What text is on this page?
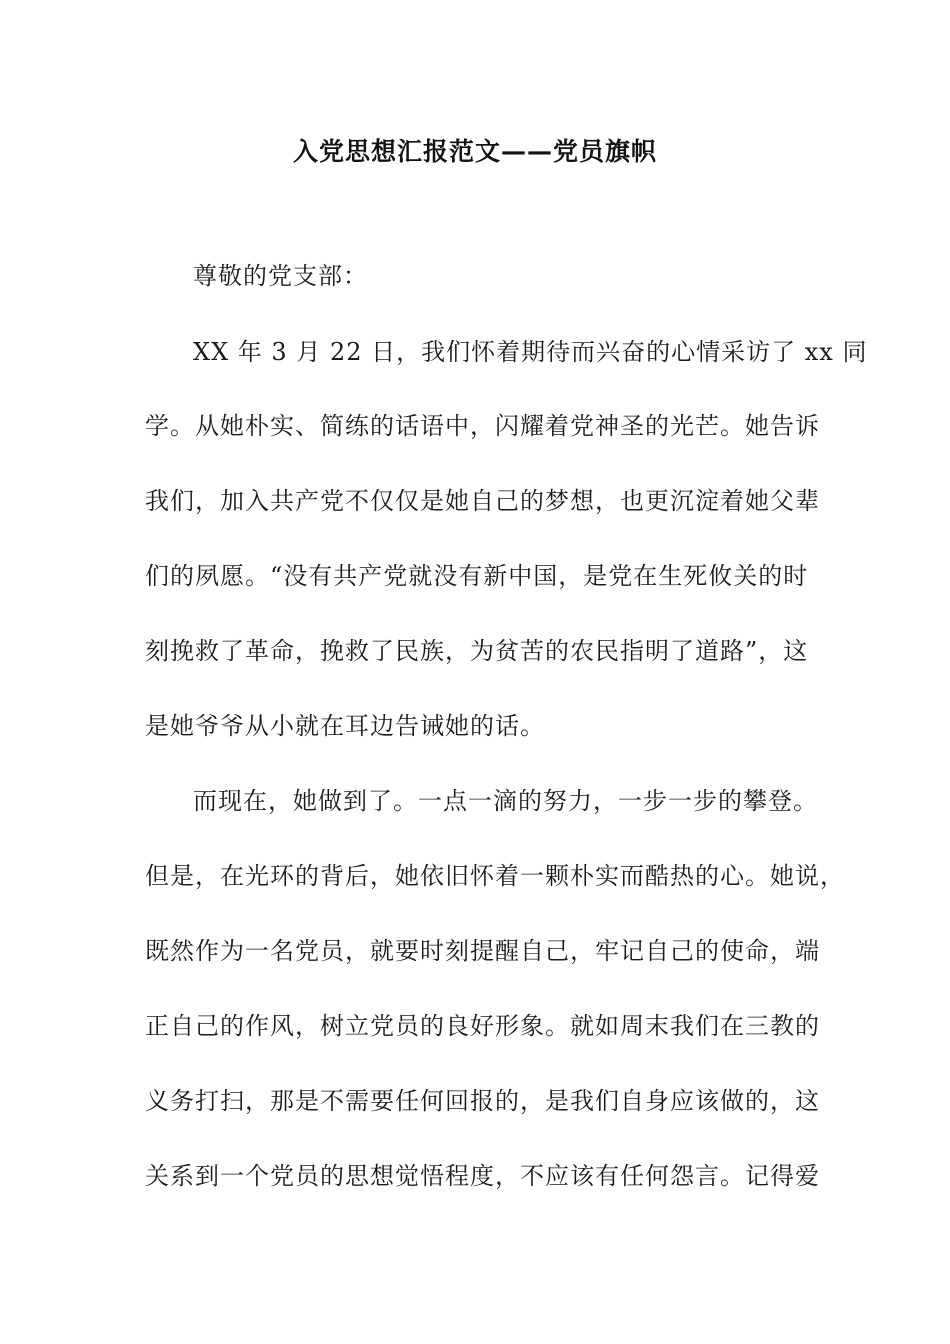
入党思想汇报范文——党员旗帜
尊敬的党支部：
XX 年 3 月 22 日，我们怀着期待而兴奋的心情采访了 xx 同
学。从她朴实、简练的话语中，闪耀着党神圣的光芒。她告诉
我们，加入共产党不仅仅是她自己的梦想，也更沉淀着她父辈
们的夙愿。“没有共产党就没有新中国，是党在生死攸关的时
刻挽救了革命，挽救了民族，为贫苦的农民指明了道路”，这
是她爷爷从小就在耳边告诫她的话。
而现在，她做到了。一点一滴的努力，一步一步的攀登。
但是，在光环的背后，她依旧怀着一颗朴实而酷热的心。她说，
既然作为一名党员，就要时刻提醒自己，牢记自己的使命，端
正自己的作风，树立党员的良好形象。就如周末我们在三教的
义务打扫，那是不需要任何回报的，是我们自身应该做的，这
关系到一个党员的思想觉悟程度，不应该有任何怨言。记得爱
